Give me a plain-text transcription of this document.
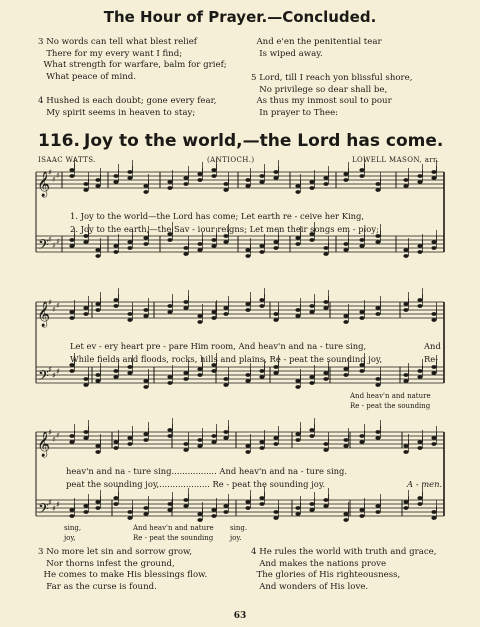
The Hour of Prayer.—Concluded.
3 No words can tell what blest relief
There for my every want I find;
What strength for warfare, balm for grief;
What peace of mind.
4 Hushed is each doubt; gone every fear,
My spirit seems in heaven to stay;
And e'en the penitential tear
Is wiped away.
5 Lord, till I reach yon blissful shore,
No privilege so dear shall be,
As thus my inmost soul to pour
In prayer to Thee:
116. Joy to the world,—the Lord has come.
ISAAC WATTS.	(ANTIOCH.)	LOWELL MASON, arr.
𝄞
𝄢
𝄞
𝄢
𝄞
𝄢
♯
♯ ♯
♯
♯ ♯
♯
♯ ♯
♯
♯ ♯
♯
♯ ♯
♯
♯ ♯
1. Joy to the world—the Lord has come; Let earth re - ceive her King,
2. Joy to the earth,—the Sav - iour reigns; Let men their songs em - ploy;
Let ev - ery heart pre - pare Him room, And heav'n and na - ture sing,	And
While fields and floods, rocks, hills and plains, Re - peat the sounding joy,	Re-
And heav'n and nature
Re - peat the sounding
heav'n and na - ture sing................. And heav'n and na - ture sing.
peat the sounding joy,................... Re - peat the sounding joy.	A - men.
sing,
joy,
And heav'n and nature
Re - peat the sounding
sing.
joy.
3 No more let sin and sorrow grow,
Nor thorns infest the ground,
He comes to make His blessings flow.
Far as the curse is found.
4 He rules the world with truth and grace,
And makes the nations prove
The glories of His righteousness,
And wonders of His love.
63
